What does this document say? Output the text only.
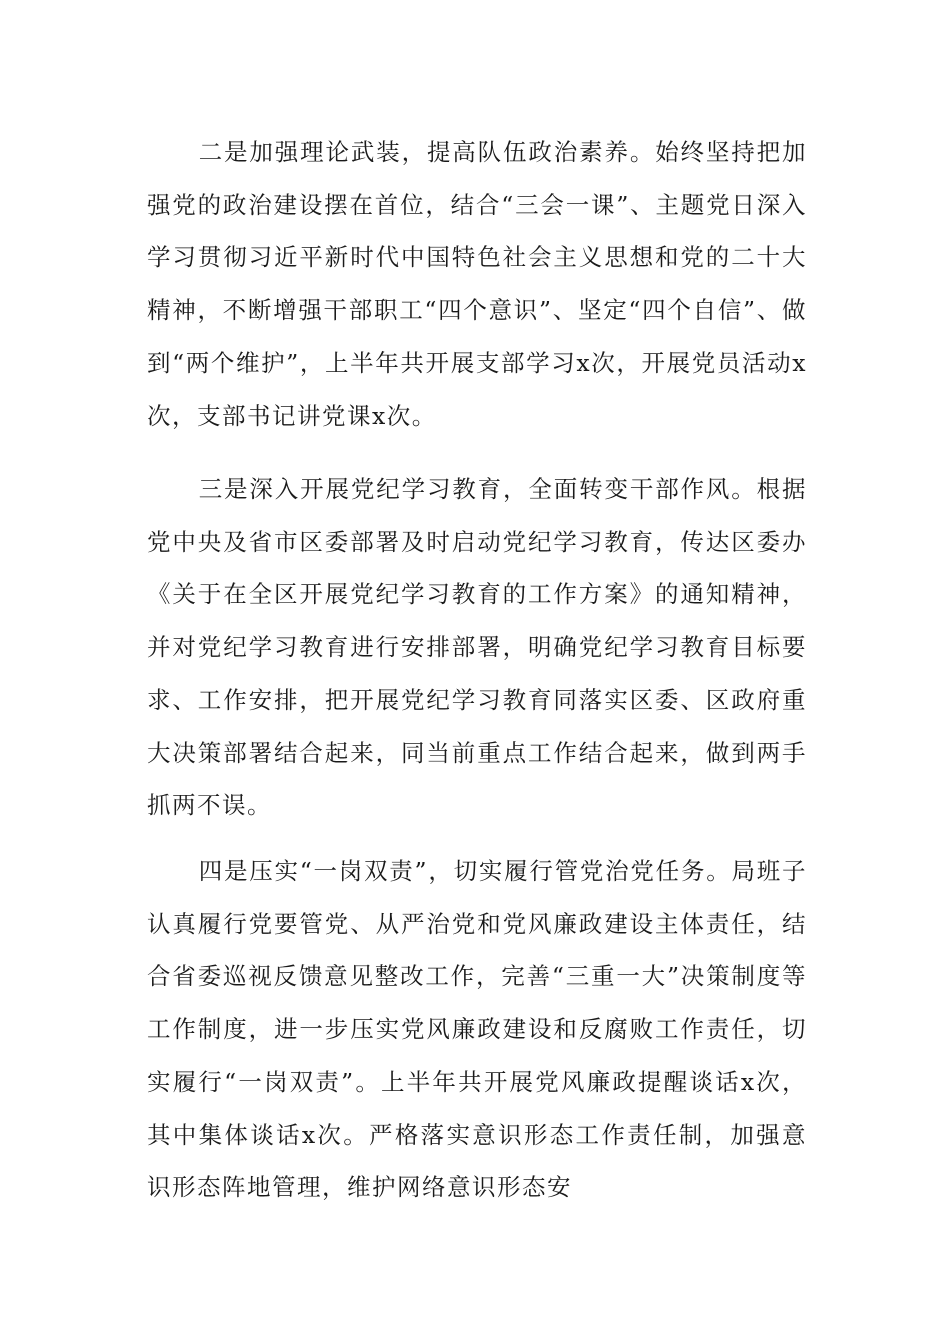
二是加强理论武装，提高队伍政治素养。始终坚持把加强党的政治建设摆在首位，结合“三会一课”、主题党日深入学习贯彻习近平新时代中国特色社会主义思想和党的二十大精神，不断增强干部职工“四个意识”、坚定“四个自信”、做到“两个维护”，上半年共开展支部学习x次，开展党员活动x次，支部书记讲党课x次。

三是深入开展党纪学习教育，全面转变干部作风。根据党中央及省市区委部署及时启动党纪学习教育，传达区委办《关于在全区开展党纪学习教育的工作方案》的通知精神，并对党纪学习教育进行安排部署，明确党纪学习教育目标要求、工作安排，把开展党纪学习教育同落实区委、区政府重大决策部署结合起来，同当前重点工作结合起来，做到两手抓两不误。

四是压实“一岗双责”，切实履行管党治党任务。局班子认真履行党要管党、从严治党和党风廉政建设主体责任，结合省委巡视反馈意见整改工作，完善“三重一大”决策制度等工作制度，进一步压实党风廉政建设和反腐败工作责任，切实履行“一岗双责”。上半年共开展党风廉政提醒谈话x次，其中集体谈话x次。严格落实意识形态工作责任制，加强意识形态阵地管理，维护网络意识形态安
